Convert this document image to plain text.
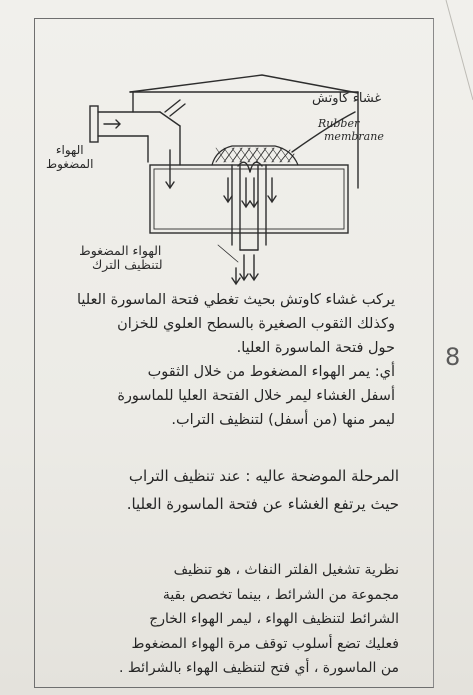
الهواء
المضغوط
غشاء كاوتش
Rubber
membrane
الهواء المضغوط
لتنظيف الترك
يركب غشاء كاوتش بحيث تغطي فتحة الماسورة العليا
وكذلك الثقوب الصغيرة بالسطح العلوي للخزان
حول فتحة الماسورة العليا.
أي: يمر الهواء المضغوط من خلال الثقوب
أسفل الغشاء ليمر خلال الفتحة العليا للماسورة
ليمر منها (من أسفل) لتنظيف التراب.
المرحلة الموضحة عاليه : عند تنظيف التراب
حيث يرتفع الغشاء عن فتحة الماسورة العليا.
نظرية تشغيل الفلتر النفاث ، هو تنظيف
مجموعة من الشرائط ، بينما تخصص بقية
الشرائط لتنظيف الهواء ، ليمر الهواء الخارج
فعليك تضع أسلوب توقف مرة الهواء المضغوط
من الماسورة ، أي فتح لتنظيف الهواء بالشرائط .
8
